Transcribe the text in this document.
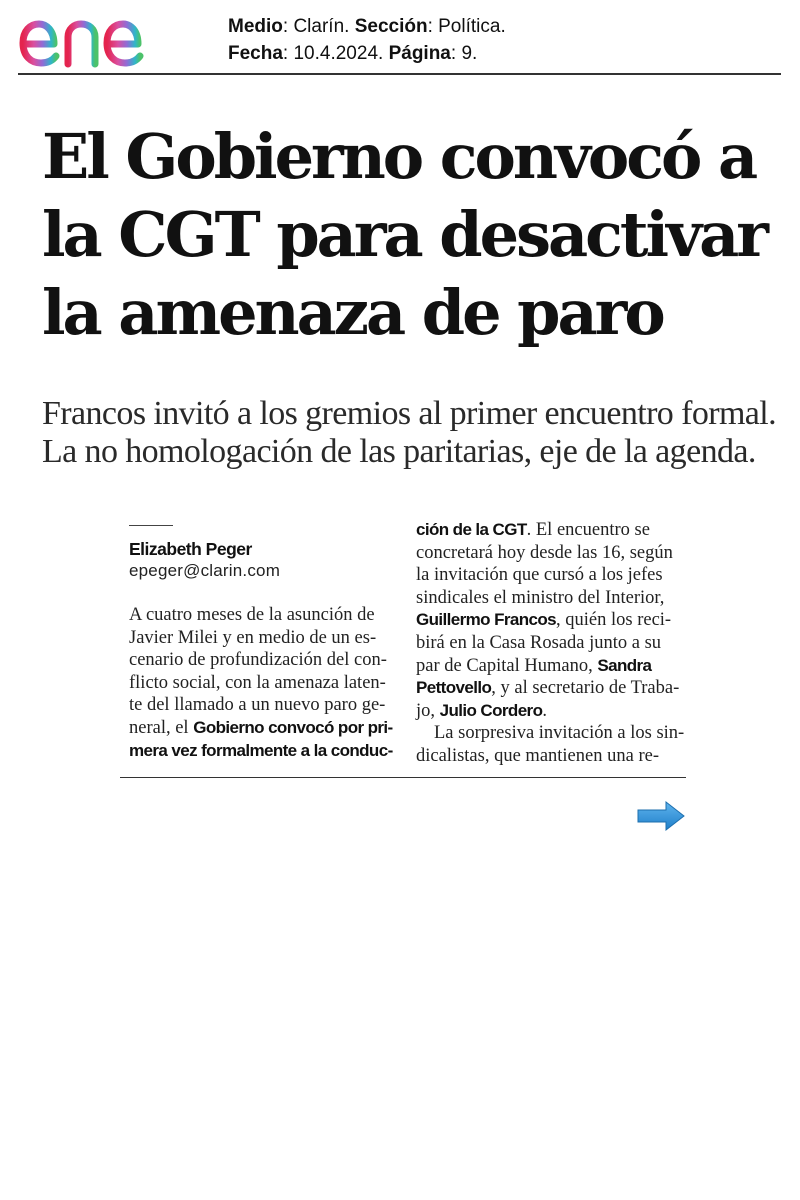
Medio: Clarín. Sección: Política.
Fecha: 10.4.2024. Página: 9.
El Gobierno convocó a
la CGT para desactivar
la amenaza de paro
Francos invitó a los gremios al primer encuentro formal.
La no homologación de las paritarias, eje de la agenda.
Elizabeth Peger
epeger@clarin.com
A cuatro meses de la asunción de
Javier Milei y en medio de un es-
cenario de profundización del con-
flicto social, con la amenaza laten-
te del llamado a un nuevo paro ge-
neral, el Gobierno convocó por pri-
mera vez formalmente a la conduc-
ción de la CGT. El encuentro se
concretará hoy desde las 16, según
la invitación que cursó a los jefes
sindicales el ministro del Interior,
Guillermo Francos, quién los reci-
birá en la Casa Rosada junto a su
par de Capital Humano, Sandra
Pettovello, y al secretario de Traba-
jo, Julio Cordero.
La sorpresiva invitación a los sin-
dicalistas, que mantienen una re-
